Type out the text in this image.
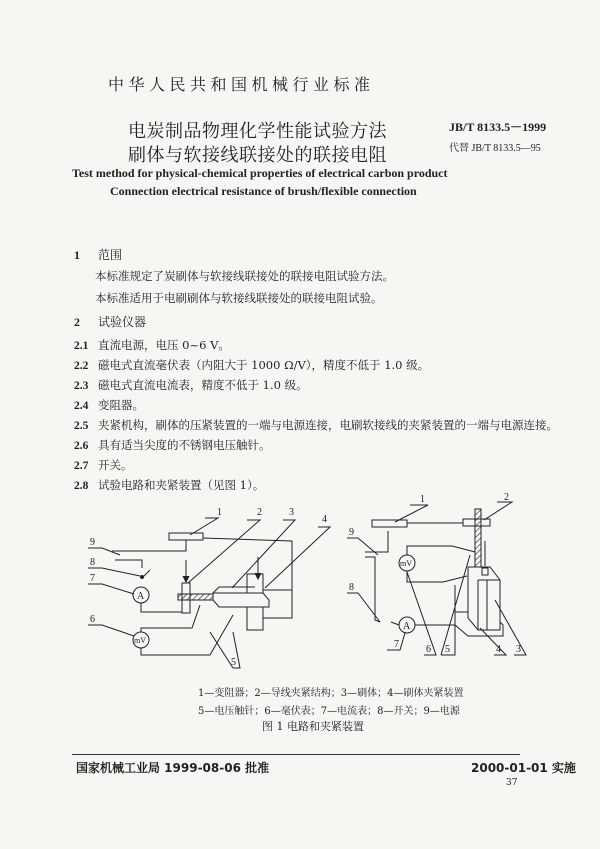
中华人民共和国机械行业标准
电炭制品物理化学性能试验方法
刷体与软接线联接处的联接电阻
JB/T 8133.5－1999
代替 JB/T 8133.5—95
Test method for physical-chemical properties of electrical carbon product
Connection electrical resistance of brush/flexible connection
1 范围
本标准规定了炭刷体与软接线联接处的联接电阻试验方法。
本标准适用于电刷刷体与软接线联接处的联接电阻试验。
2 试验仪器
2.1 直流电源，电压 0~6 V。
2.2 磁电式直流毫伏表（内阻大于 1000 Ω/V），精度不低于 1.0 级。
2.3 磁电式直流电流表，精度不低于 1.0 级。
2.4 变阻器。
2.5 夹紧机构，刷体的压紧装置的一端与电源连接，电刷软接线的夹紧装置的一端与电源连接。
2.6 具有适当尖度的不锈钢电压触针。
2.7 开关。
2.8 试验电路和夹紧装置（见图 1）。
1	2	3
4
5
6
7
8
9
A
mV
1	2
3
4
5
6
7
8
9
A
mV
1—变阻器；2—导线夹紧结构；3—刷体；4—刷体夹紧装置
5—电压触针；6—毫伏表；7—电流表；8—开关；9—电源
图 1 电路和夹紧装置
国家机械工业局 1999-08-06 批准	2000-01-01 实施
37
